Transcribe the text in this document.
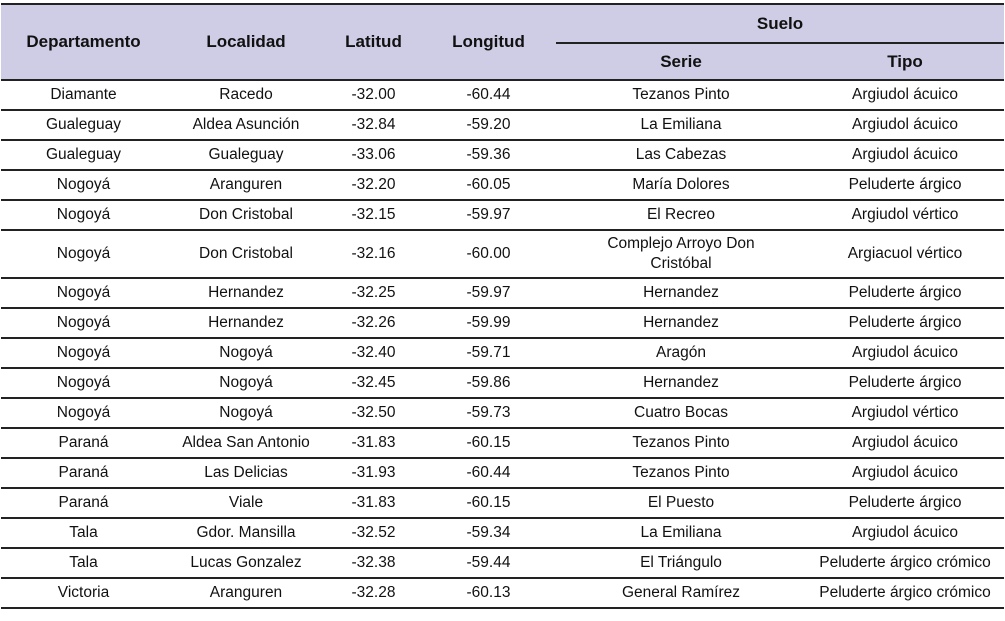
Departamento	Localidad	Latitud	Longitud	Suelo	
				Serie	Tipo
Diamante	Racedo	-32.00	-60.44	Tezanos Pinto	Argiudol ácuico
Gualeguay	Aldea Asunción	-32.84	-59.20	La Emiliana	Argiudol ácuico
Gualeguay	Gualeguay	-33.06	-59.36	Las Cabezas	Argiudol ácuico
Nogoyá	Aranguren	-32.20	-60.05	María Dolores	Peluderte árgico
Nogoyá	Don Cristobal	-32.15	-59.97	El Recreo	Argiudol vértico
Nogoyá	Don Cristobal	-32.16	-60.00	Complejo Arroyo Don Cristóbal	Argiacuol vértico
Nogoyá	Hernandez	-32.25	-59.97	Hernandez	Peluderte árgico
Nogoyá	Hernandez	-32.26	-59.99	Hernandez	Peluderte árgico
Nogoyá	Nogoyá	-32.40	-59.71	Aragón	Argiudol ácuico
Nogoyá	Nogoyá	-32.45	-59.86	Hernandez	Peluderte árgico
Nogoyá	Nogoyá	-32.50	-59.73	Cuatro Bocas	Argiudol vértico
Paraná	Aldea San Antonio	-31.83	-60.15	Tezanos Pinto	Argiudol ácuico
Paraná	Las Delicias	-31.93	-60.44	Tezanos Pinto	Argiudol ácuico
Paraná	Viale	-31.83	-60.15	El Puesto	Peluderte árgico
Tala	Gdor. Mansilla	-32.52	-59.34	La Emiliana	Argiudol ácuico
Tala	Lucas Gonzalez	-32.38	-59.44	El Triángulo	Peluderte árgico crómico
Victoria	Aranguren	-32.28	-60.13	General Ramírez	Peluderte árgico crómico
